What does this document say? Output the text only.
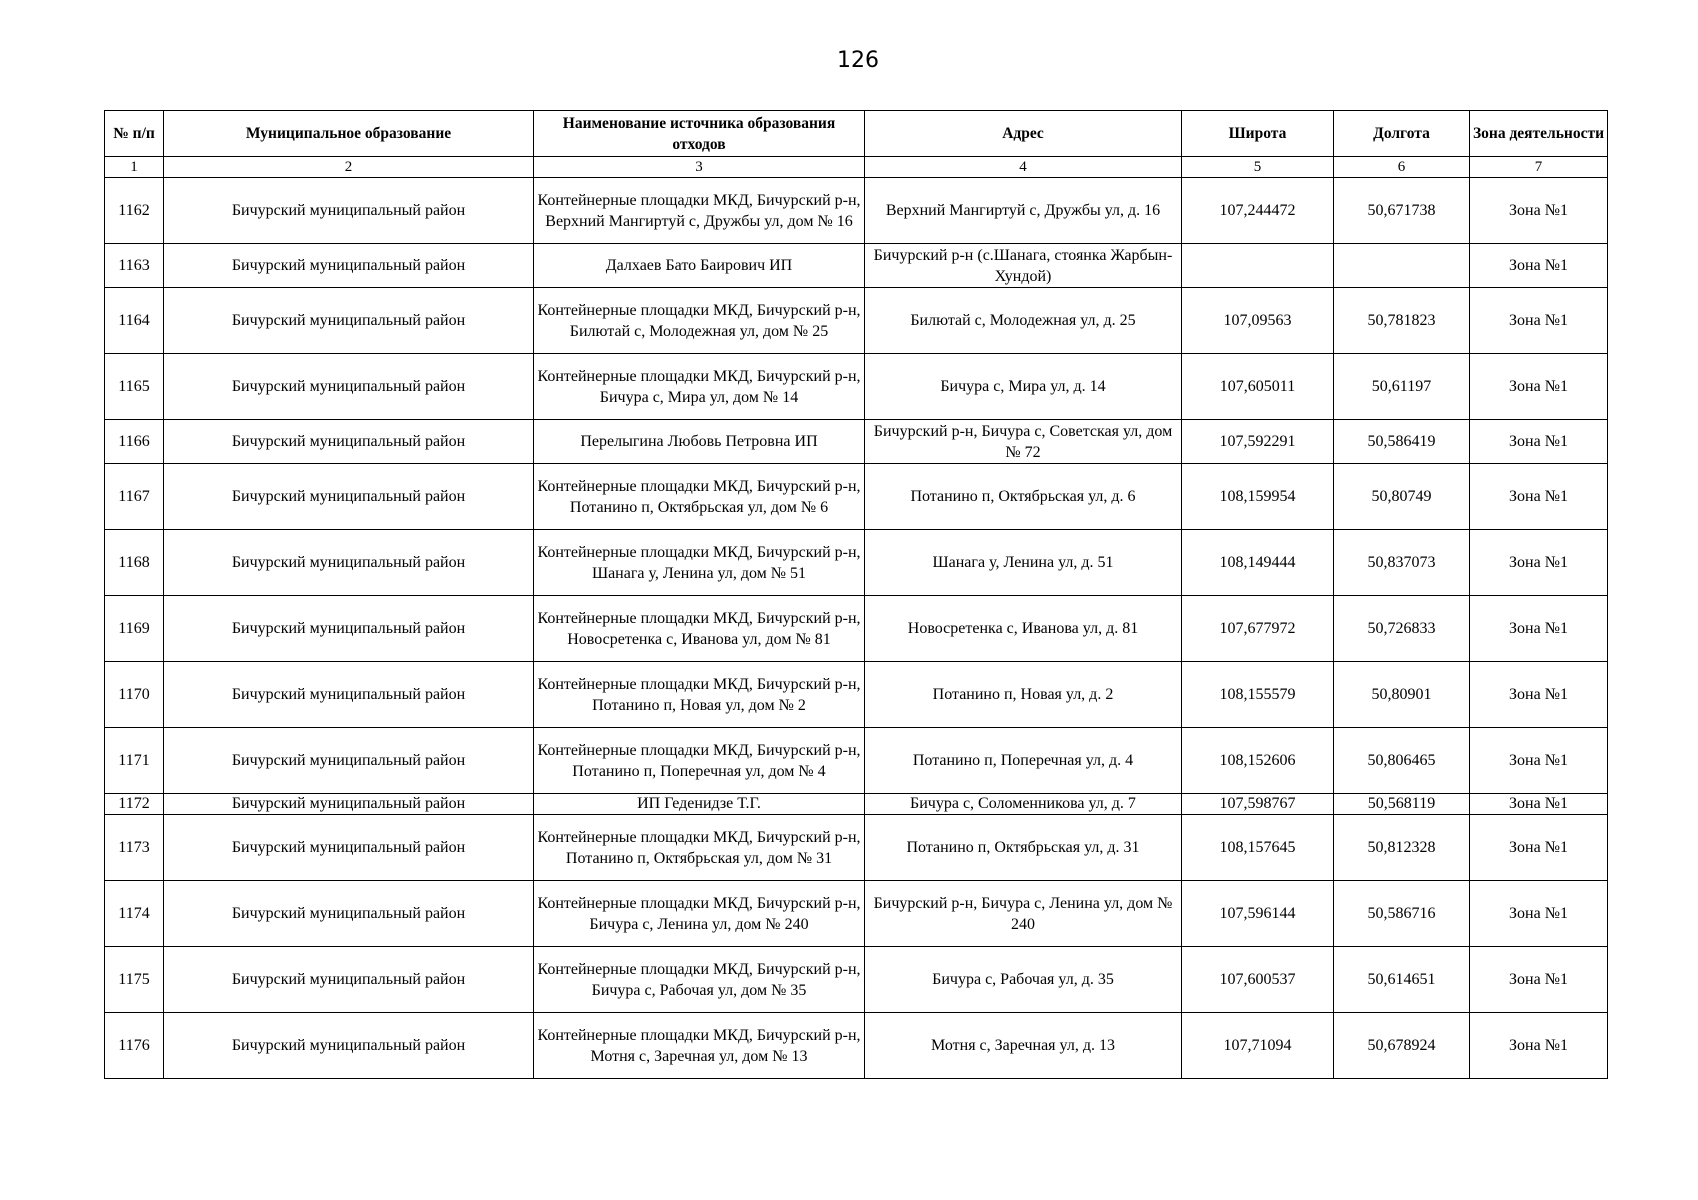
126
№ п/п	Муниципальное образование	Наименование источника образования отходов	Адрес	Широта	Долгота	Зона деятельности
1	2	3	4	5	6	7
1162	Бичурский муниципальный район	Контейнерные площадки МКД, Бичурский р-н, Верхний Мангиртуй с, Дружбы ул, дом № 16	Верхний Мангиртуй с, Дружбы ул, д. 16	107,244472	50,671738	Зона №1
1163	Бичурский муниципальный район	Далхаев Бато Баирович ИП	Бичурский р-н (с.Шанага, стоянка Жарбын-Хундой)			Зона №1
1164	Бичурский муниципальный район	Контейнерные площадки МКД, Бичурский р-н, Билютай с, Молодежная ул, дом № 25	Билютай с, Молодежная ул, д. 25	107,09563	50,781823	Зона №1
1165	Бичурский муниципальный район	Контейнерные площадки МКД, Бичурский р-н, Бичура с, Мира ул, дом № 14	Бичура с, Мира ул, д. 14	107,605011	50,61197	Зона №1
1166	Бичурский муниципальный район	Перелыгина Любовь Петровна ИП	Бичурский р-н, Бичура с, Советская ул, дом № 72	107,592291	50,586419	Зона №1
1167	Бичурский муниципальный район	Контейнерные площадки МКД, Бичурский р-н, Потанино п, Октябрьская ул, дом № 6	Потанино п, Октябрьская ул, д. 6	108,159954	50,80749	Зона №1
1168	Бичурский муниципальный район	Контейнерные площадки МКД, Бичурский р-н, Шанага у, Ленина ул, дом № 51	Шанага у, Ленина ул, д. 51	108,149444	50,837073	Зона №1
1169	Бичурский муниципальный район	Контейнерные площадки МКД, Бичурский р-н, Новосретенка с, Иванова ул, дом № 81	Новосретенка с, Иванова ул, д. 81	107,677972	50,726833	Зона №1
1170	Бичурский муниципальный район	Контейнерные площадки МКД, Бичурский р-н, Потанино п, Новая ул, дом № 2	Потанино п, Новая ул, д. 2	108,155579	50,80901	Зона №1
1171	Бичурский муниципальный район	Контейнерные площадки МКД, Бичурский р-н, Потанино п, Поперечная ул, дом № 4	Потанино п, Поперечная ул, д. 4	108,152606	50,806465	Зона №1
1172	Бичурский муниципальный район	ИП Геденидзе Т.Г.	Бичура с, Соломенникова ул, д. 7	107,598767	50,568119	Зона №1
1173	Бичурский муниципальный район	Контейнерные площадки МКД, Бичурский р-н, Потанино п, Октябрьская ул, дом № 31	Потанино п, Октябрьская ул, д. 31	108,157645	50,812328	Зона №1
1174	Бичурский муниципальный район	Контейнерные площадки МКД, Бичурский р-н, Бичура с, Ленина ул, дом № 240	Бичурский р-н, Бичура с, Ленина ул, дом № 240	107,596144	50,586716	Зона №1
1175	Бичурский муниципальный район	Контейнерные площадки МКД, Бичурский р-н, Бичура с, Рабочая ул, дом № 35	Бичура с, Рабочая ул, д. 35	107,600537	50,614651	Зона №1
1176	Бичурский муниципальный район	Контейнерные площадки МКД, Бичурский р-н, Мотня с, Заречная ул, дом № 13	Мотня с, Заречная ул, д. 13	107,71094	50,678924	Зона №1
